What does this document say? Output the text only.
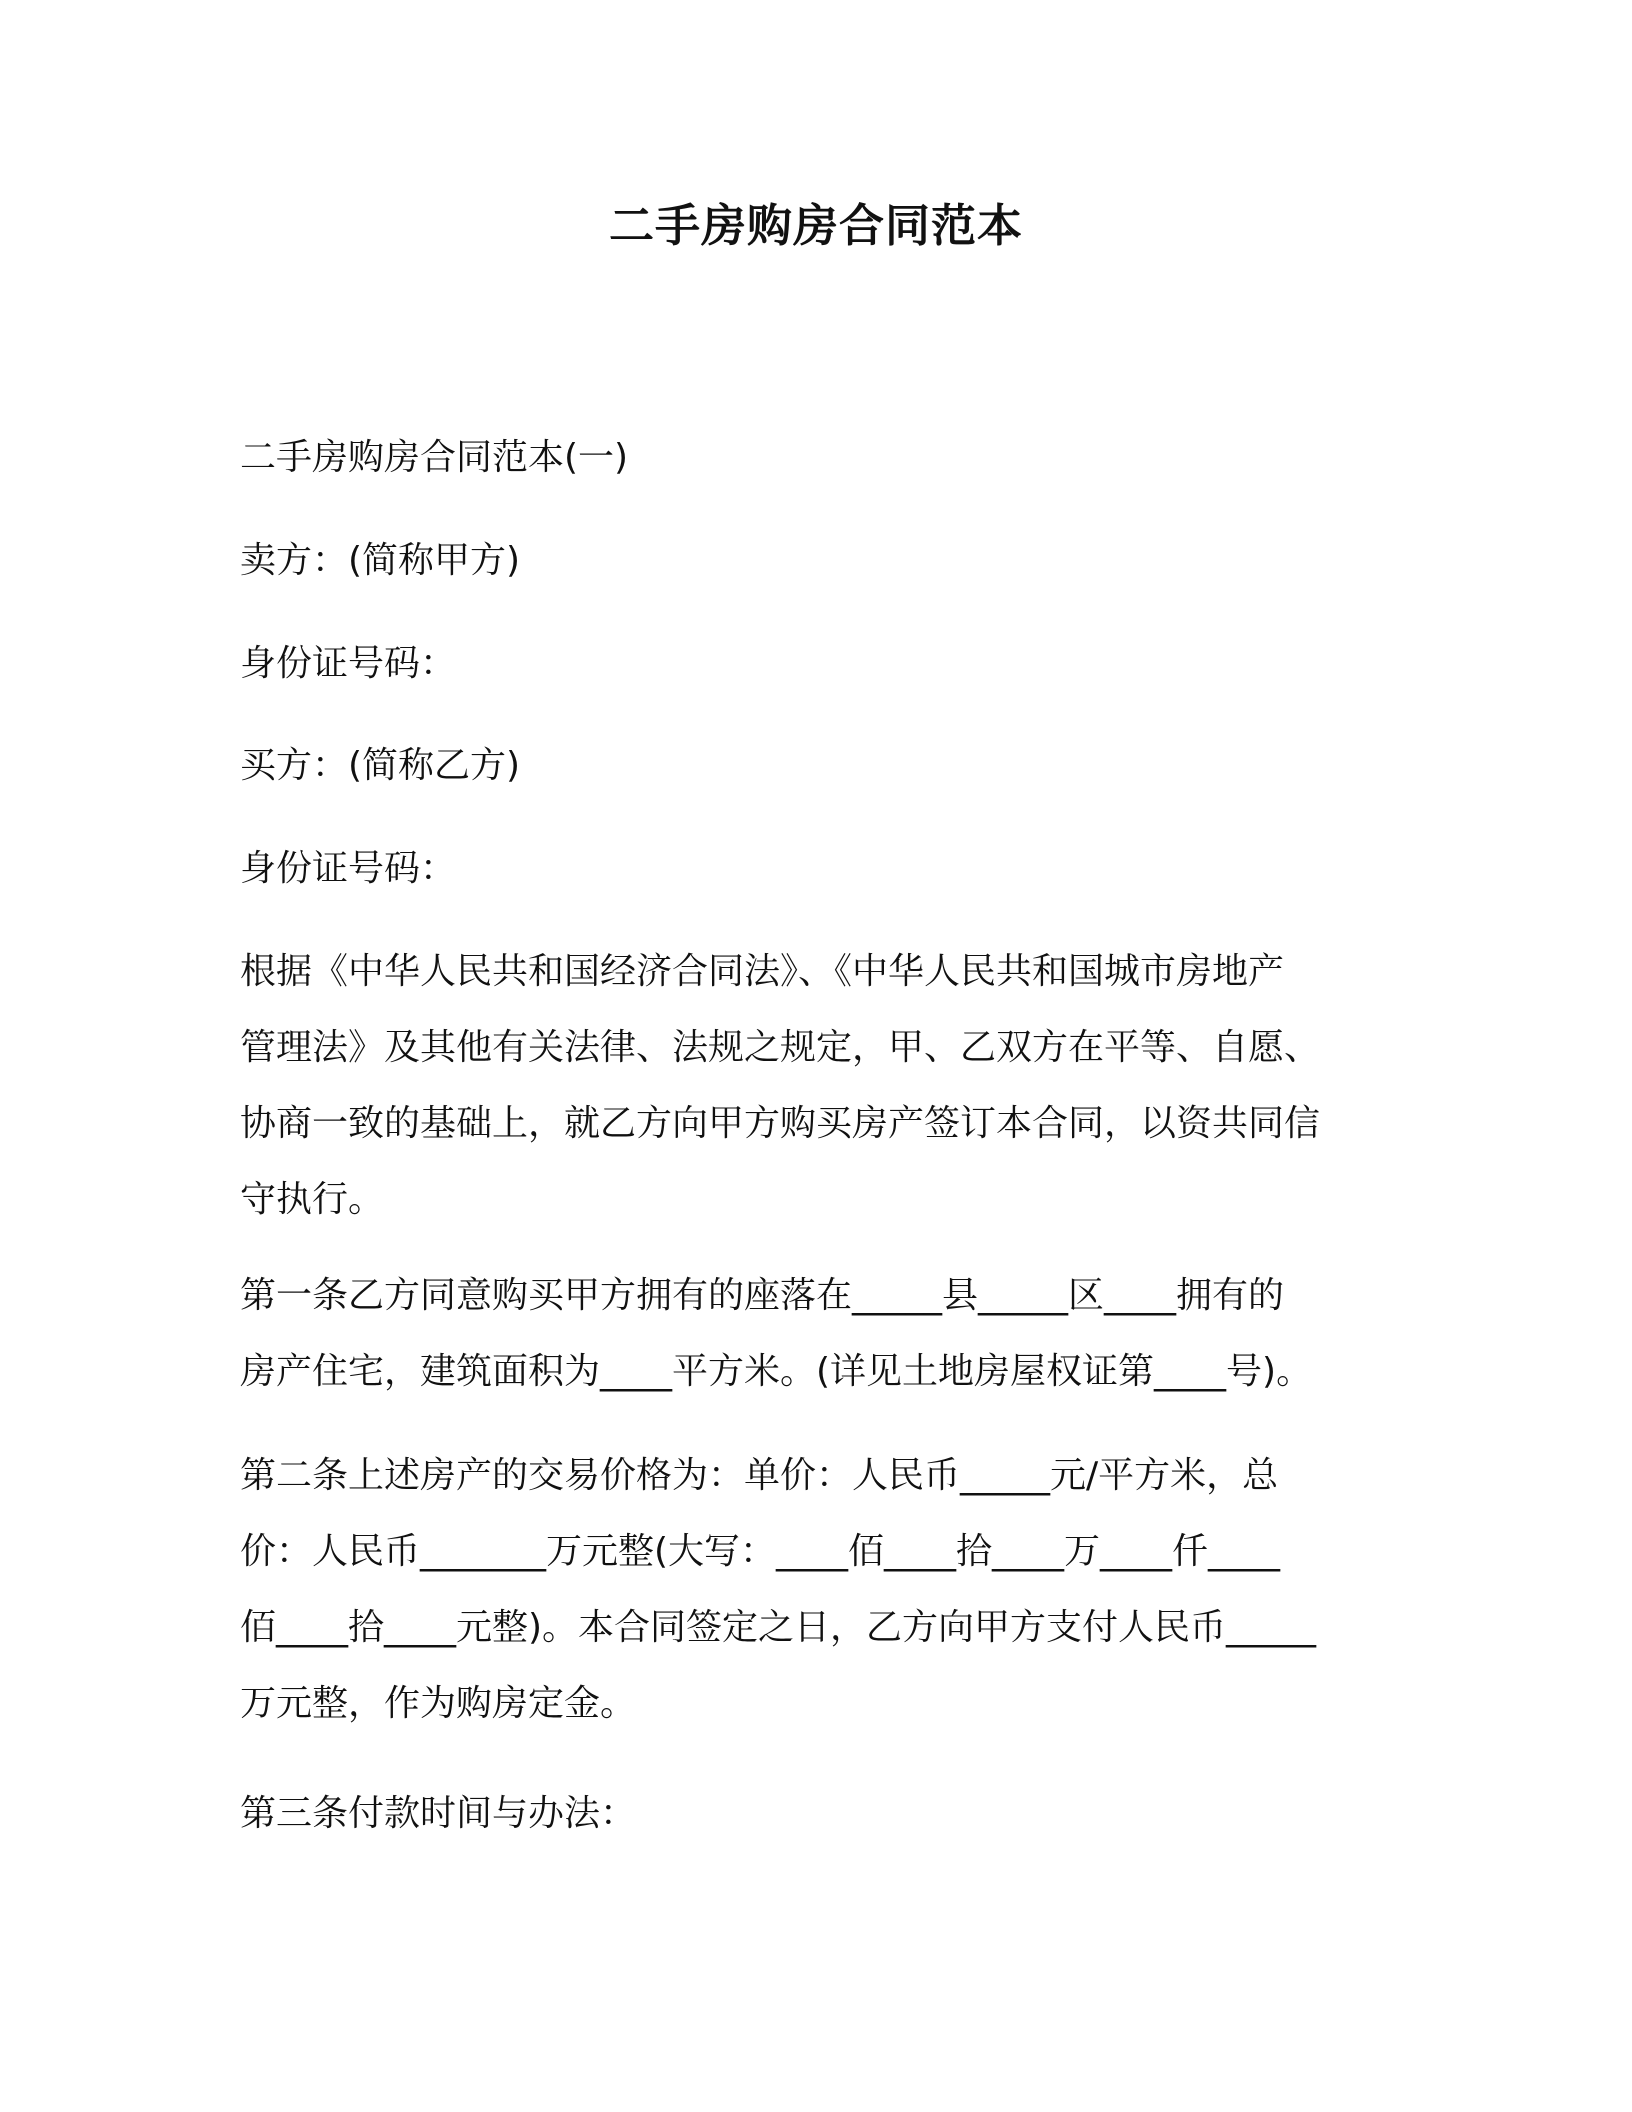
二手房购房合同范本

二手房购房合同范本(一)

卖方：(简称甲方)

身份证号码：

买方：(简称乙方)

身份证号码：

根据《中华人民共和国经济合同法》、《中华人民共和国城市房地产
管理法》及其他有关法律、法规之规定，甲、乙双方在平等、自愿、
协商一致的基础上，就乙方向甲方购买房产签订本合同，以资共同信
守执行。
第一条乙方同意购买甲方拥有的座落在_____县_____区____拥有的
房产住宅，建筑面积为____平方米。(详见土地房屋权证第____号)。
第二条上述房产的交易价格为：单价：人民币_____元/平方米，总
价：人民币_______万元整(大写：____佰____拾____万____仟____
佰____拾____元整)。本合同签定之日，乙方向甲方支付人民币_____
万元整，作为购房定金。

第三条付款时间与办法：
